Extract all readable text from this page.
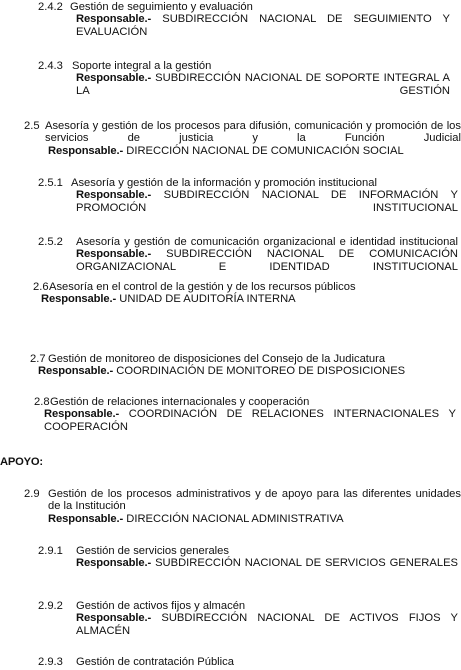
2.4.2 Gestión de seguimiento y evaluación
Responsable.- SUBDIRECCIÓN NACIONAL DE SEGUIMIENTO Y EVALUACIÓN
2.4.3 Soporte integral a la gestión
Responsable.- SUBDIRECCIÓN NACIONAL DE SOPORTE INTEGRAL A LA GESTIÓN
2.5 Asesoría y gestión de los procesos para difusión, comunicación y promoción de los servicios de justicia y la Función Judicial
Responsable.- DIRECCIÓN NACIONAL DE COMUNICACIÓN SOCIAL
2.5.1 Asesoría y gestión de la información y promoción institucional
Responsable.- SUBDIRECCIÓN NACIONAL DE INFORMACIÓN Y PROMOCIÓN INSTITUCIONAL
2.5.2	Asesoría y gestión de comunicación organizacional e identidad institucional
Responsable.- SUBDIRECCIÓN NACIONAL DE COMUNICACIÓN ORGANIZACIONAL E IDENTIDAD INSTITUCIONAL
2.6 Asesoría en el control de la gestión y de los recursos públicos
Responsable.- UNIDAD DE AUDITORÍA INTERNA
2.7 Gestión de monitoreo de disposiciones del Consejo de la Judicatura
Responsable.- COORDINACIÓN DE MONITOREO DE DISPOSICIONES
2.8 Gestión de relaciones internacionales y cooperación
Responsable.- COORDINACIÓN DE RELACIONES INTERNACIONALES Y COOPERACIÓN
APOYO:
2.9 Gestión de los procesos administrativos y de apoyo para las diferentes unidades de la Institución
Responsable.- DIRECCIÓN NACIONAL ADMINISTRATIVA
2.9.1	Gestión de servicios generales
Responsable.- SUBDIRECCIÓN NACIONAL DE SERVICIOS GENERALES
2.9.2	Gestión de activos fijos y almacén
Responsable.- SUBDIRECCIÓN NACIONAL DE ACTIVOS FIJOS Y ALMACÉN
2.9.3	Gestión de contratación Pública
